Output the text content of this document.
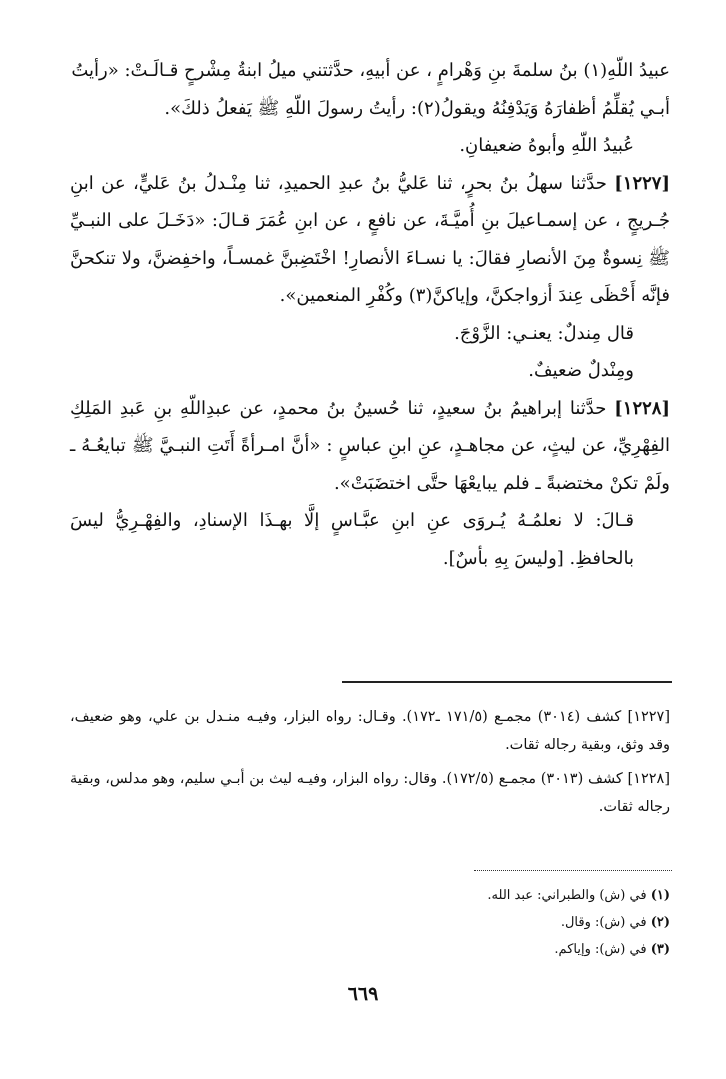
عبيدُ اللّهِ(١) بنُ سلمةَ بنِ وَهْرامٍ ، عن أبيهِ، حدَّثتني ميلُ ابنةُ مِشْرحٍ قـالَـتْ: «رأيتُ

أبـي يُقلِّمُ أظفارَهُ وَيَدْفِنُهُ ويقولُ(٢): رأيتُ رسولَ اللّهِ ﷺ يَفعلُ ذلكَ».

عُبيدُ اللّهِ وأبوهُ ضعيفانِ.

[١٢٢٧] حدَّثنا سهلُ بنُ بحرٍ، ثنا عَليُّ بنُ عبدِ الحميدِ، ثنا مِنْـدلُ بنُ عَليٍّ، عن ابنِ جُـريجٍ ، عن إسمـاعيلَ بنِ أُميَّـةَ، عن نافعٍ ، عن ابنِ عُمَرَ قـالَ: «دَخَـلَ على النبـيِّ ﷺ نِسوةٌ مِنَ الأنصارِ فقالَ: يا نسـاءَ الأنصارِ! اخْتَضِبنَّ غمسـاً، واخفِضنَّ، ولا تنكحنَّ فإنَّه أَحْظَى عِندَ أزواجكنَّ، وإياكنَّ(٣) وكُفْرِ المنعمين».

قال مِندلٌ: يعنـي: الزَّوْجَ.

ومِنْدلٌ ضعيفٌ.

[١٢٢٨] حدَّثنا إبراهيمُ بنُ سعيدٍ، ثنا حُسينُ بنُ محمدٍ، عن عبدِاللّهِ بنِ عَبدِ المَلِكِ الفِهْرِيِّ، عن ليثٍ، عن مجاهـدٍ، عنِ ابنِ عباسٍ : «أنَّ امـرأةً أَتَتِ النبـيَّ ﷺ تبايعُـهُ ـ ولَمْ تكنْ مختضبةً ـ فلم يبايعْهَا حتَّى اختضَبَتْ».

قـالَ: لا نعلمُـهُ يُـروَى عنِ ابنِ عبَّـاسٍ إلَّا بهـذَا الإسنادِ، والفِهْـرِيُّ ليسَ بالحافظِ. [وليسَ بِهِ بأسٌ].

[١٢٢٧] كشف (٣٠١٤) مجمـع (١٧١/٥ ـ١٧٢). وقـال: رواه البزار، وفيـه منـدل بن علي، وهو ضعيف، وقد وثق، وبقية رجاله ثقات.

[١٢٢٨] كشف (٣٠١٣) مجمـع (١٧٢/٥). وقال: رواه البزار، وفيـه ليث بن أبـي سليم، وهو مدلس، وبقية رجاله ثقات.

(١) في (ش) والطبراني: عبد الله.
(٢) في (ش): وقال.
(٣) في (ش): وإياكم.
٦٦٩
